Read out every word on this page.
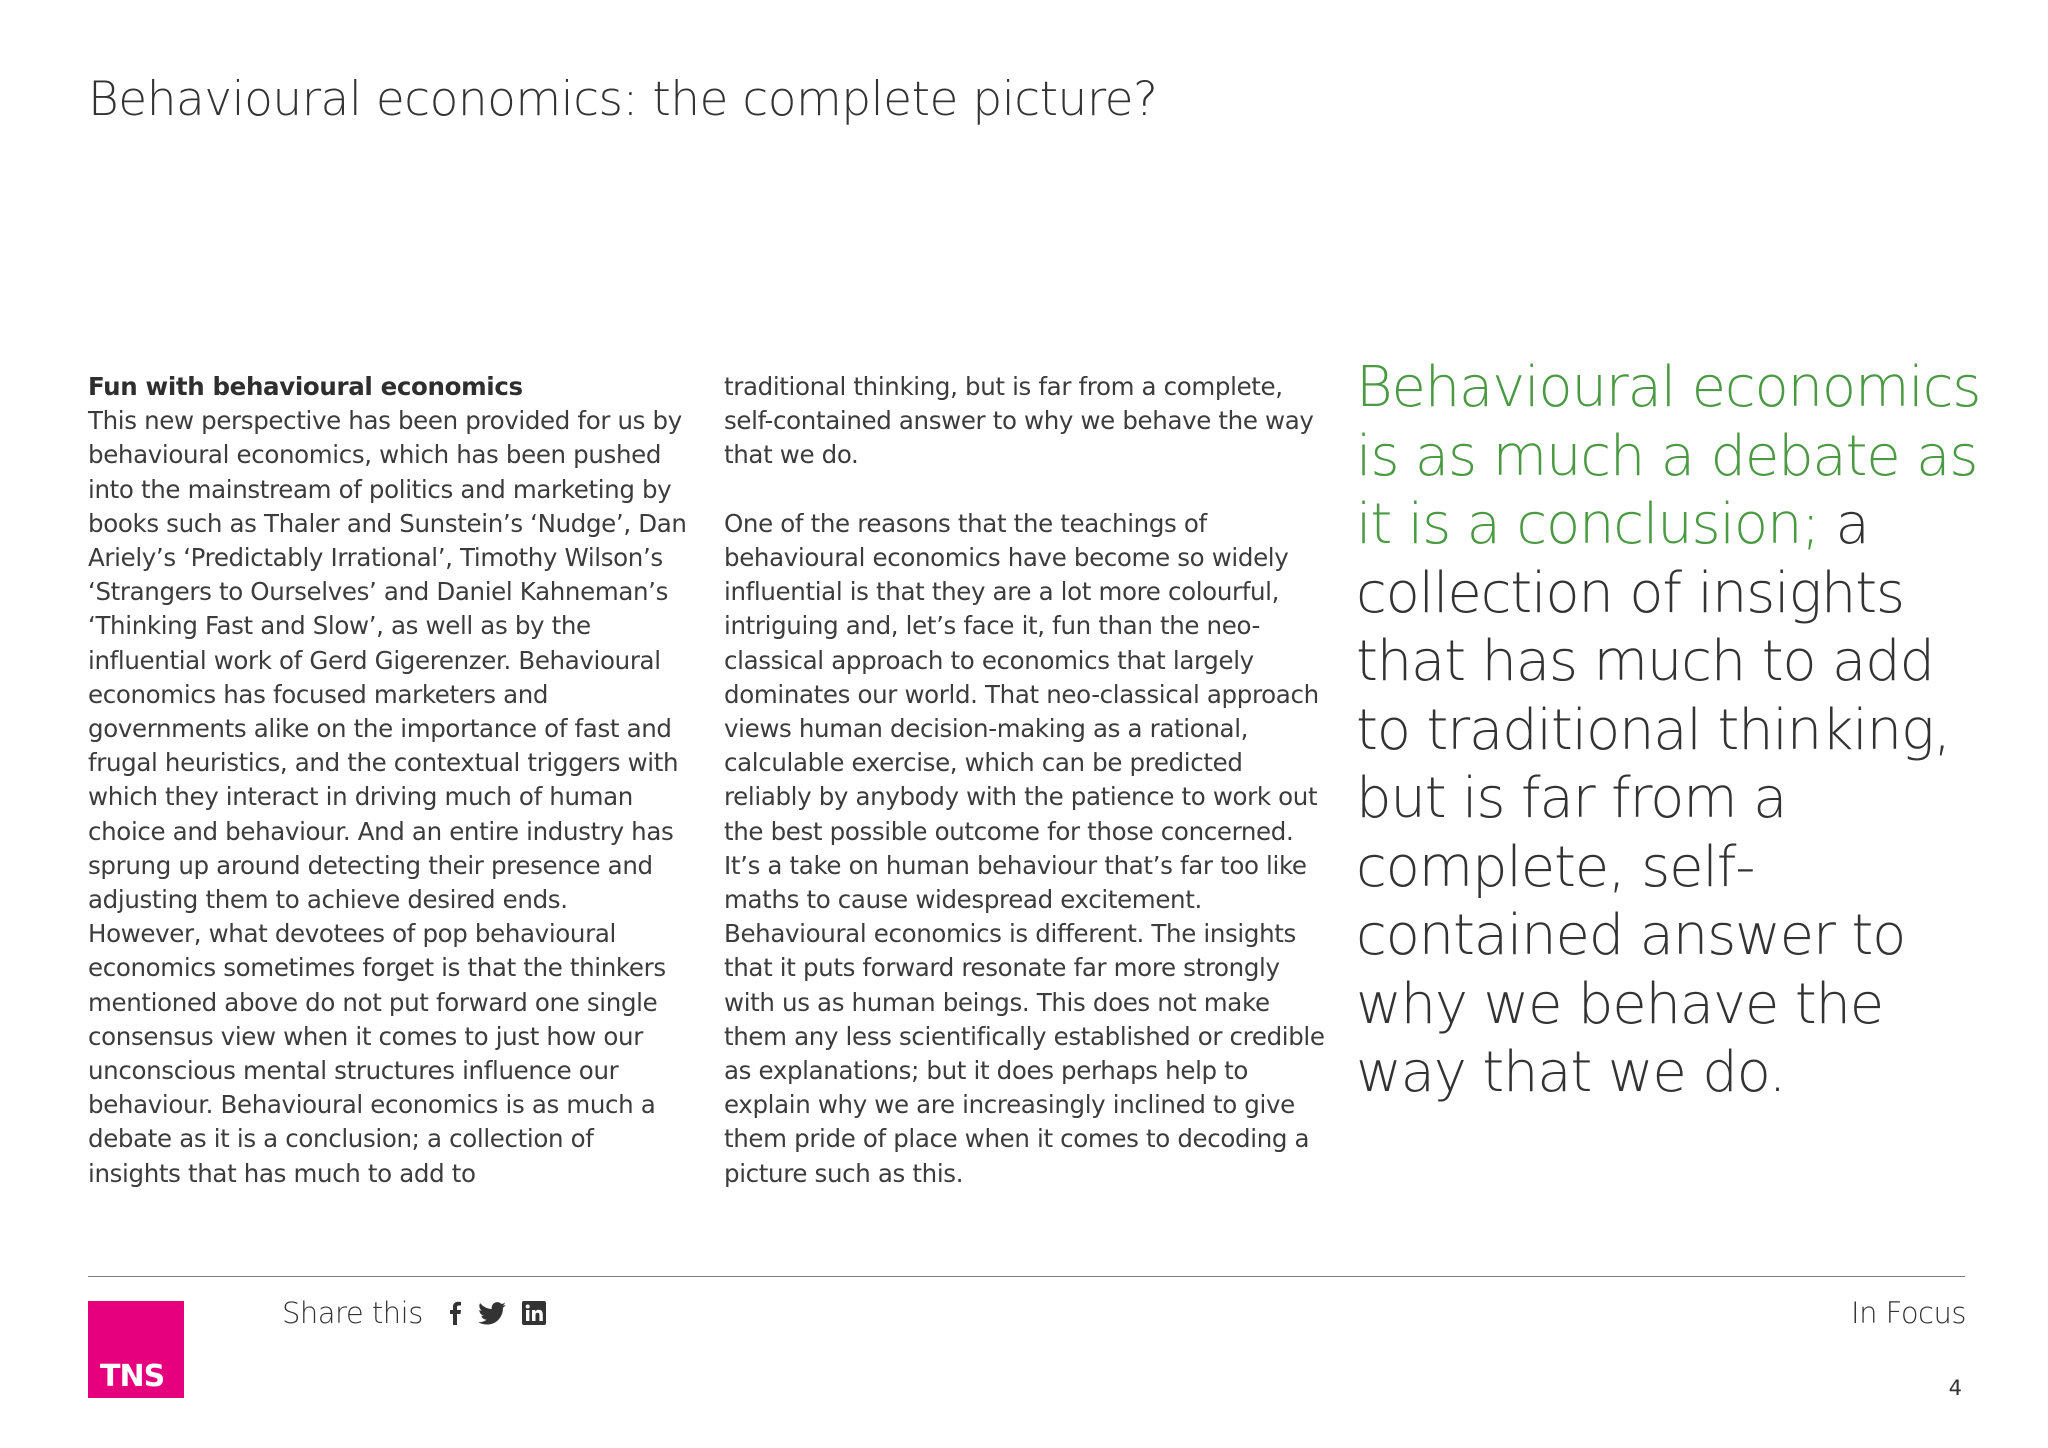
Behavioural economics: the complete picture?
Fun with behavioural economics

This new perspective has been provided for us by behavioural economics, which has been pushed into the mainstream of politics and marketing by books such as Thaler and Sunstein’s ‘Nudge’, Dan Ariely’s ‘Predictably Irrational’, Timothy Wilson’s ‘Strangers to Ourselves’ and Daniel Kahneman’s ‘Thinking Fast and Slow’, as well as by the influential work of Gerd Gigerenzer. Behavioural economics has focused marketers and governments alike on the importance of fast and frugal heuristics, and the contextual triggers with which they interact in driving much of human choice and behaviour. And an entire industry has sprung up around detecting their presence and adjusting them to achieve desired ends. However, what devotees of pop behavioural economics sometimes forget is that the thinkers mentioned above do not put forward one single consensus view when it comes to just how our unconscious mental structures influence our behaviour. Behavioural economics is as much a debate as it is a conclusion; a collection of insights that has much to add to

traditional thinking, but is far from a complete, self-contained answer to why we behave the way that we do.

One of the reasons that the teachings of behavioural economics have become so widely influential is that they are a lot more colourful, intriguing and, let’s face it, fun than the neo-classical approach to economics that largely dominates our world. That neo-classical approach views human decision-making as a rational, calculable exercise, which can be predicted reliably by anybody with the patience to work out the best possible outcome for those concerned. It’s a take on human behaviour that’s far too like maths to cause widespread excitement. Behavioural economics is different. The insights that it puts forward resonate far more strongly with us as human beings. This does not make them any less scientifically established or credible as explanations; but it does perhaps help to explain why we are increasingly inclined to give them pride of place when it comes to decoding a picture such as this.

Behavioural economics is as much a debate as it is a conclusion; a collection of insights that has much to add to traditional thinking, but is far from a complete, self-contained answer to why we behave the way that we do.
TNS
Share this	In Focus
4
